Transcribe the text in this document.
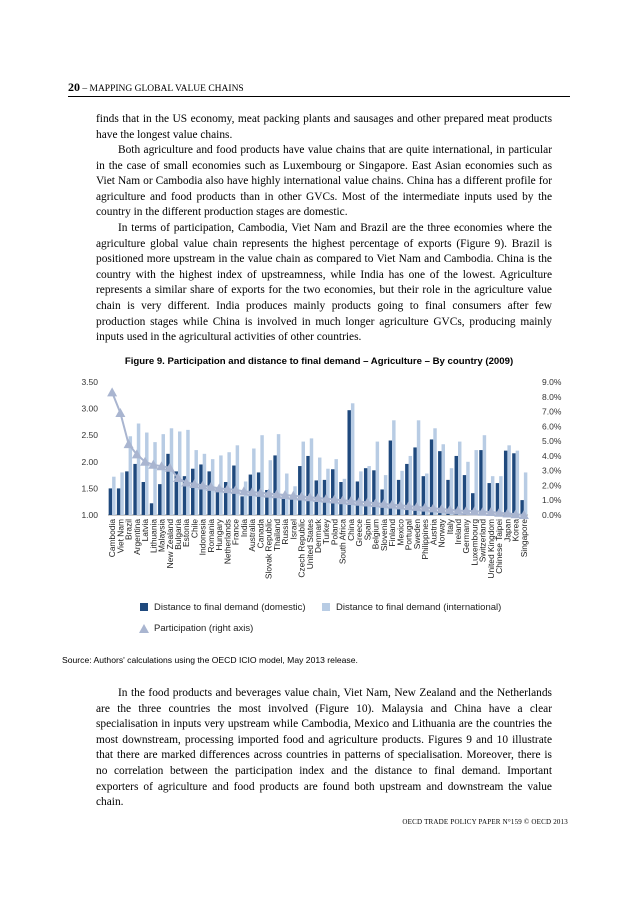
20 – MAPPING GLOBAL VALUE CHAINS

finds that in the US economy, meat packing plants and sausages and other prepared meat products have the longest value chains.

Both agriculture and food products have value chains that are quite international, in particular in the case of small economies such as Luxembourg or Singapore. East Asian economies such as Viet Nam or Cambodia also have highly international value chains. China has a different profile for agriculture and food products than in other GVCs. Most of the intermediate inputs used by the country in the different production stages are domestic.

In terms of participation, Cambodia, Viet Nam and Brazil are the three economies where the agriculture global value chain represents the highest percentage of exports (Figure 9). Brazil is positioned more upstream in the value chain as compared to Viet Nam and Cambodia. China is the country with the highest index of upstreamness, while India has one of the lowest. Agriculture represents a similar share of exports for the two economies, but their role in the agriculture value chain is very different. India produces mainly products going to final consumers after few production stages while China is involved in much longer agriculture GVCs, producing mainly inputs used in the agricultural activities of other countries.

Figure 9. Participation and distance to final demand – Agriculture – By country (2009)
1.00
1.50
2.00
2.50
3.00
3.50
0.0%
1.0%
2.0%
3.0%
4.0%
5.0%
6.0%
7.0%
8.0%
9.0%
Cambodia
Viet Nam
Brazil
Argentina
Latvia
Lithuania
Malaysia
New Zealand
Bulgaria
Estonia
Chile
Indonesia
Romania
Hungary
Netherlands
France
India
Australia
Canada
Slovak Republic
Thailand
Russia
Israel
Czech Republic
United States
Denmark
Turkey
Poland
South Africa
China
Greece
Spain
Belgium
Slovenia
Finland
Mexico
Portugal
Sweden
Philippines
Austria
Norway
Italy
Ireland
Germany
Luxembourg
Switzerland
United Kingdom
Chinese Taipei
Japan
Korea
Singapore
Distance to final demand (domestic)	Distance to final demand (international)
Participation (right axis)
Source: Authors' calculations using the OECD ICIO model, May 2013 release.

In the food products and beverages value chain, Viet Nam, New Zealand and the Netherlands are the three countries the most involved (Figure 10). Malaysia and China have a clear specialisation in inputs very upstream while Cambodia, Mexico and Lithuania are the countries the most downstream, processing imported food and agriculture products. Figures 9 and 10 illustrate that there are marked differences across countries in patterns of specialisation. Moreover, there is no correlation between the participation index and the distance to final demand. Important exporters of agriculture and food products are found both upstream and downstream the value chain.

OECD TRADE POLICY PAPER N°159 © OECD 2013
